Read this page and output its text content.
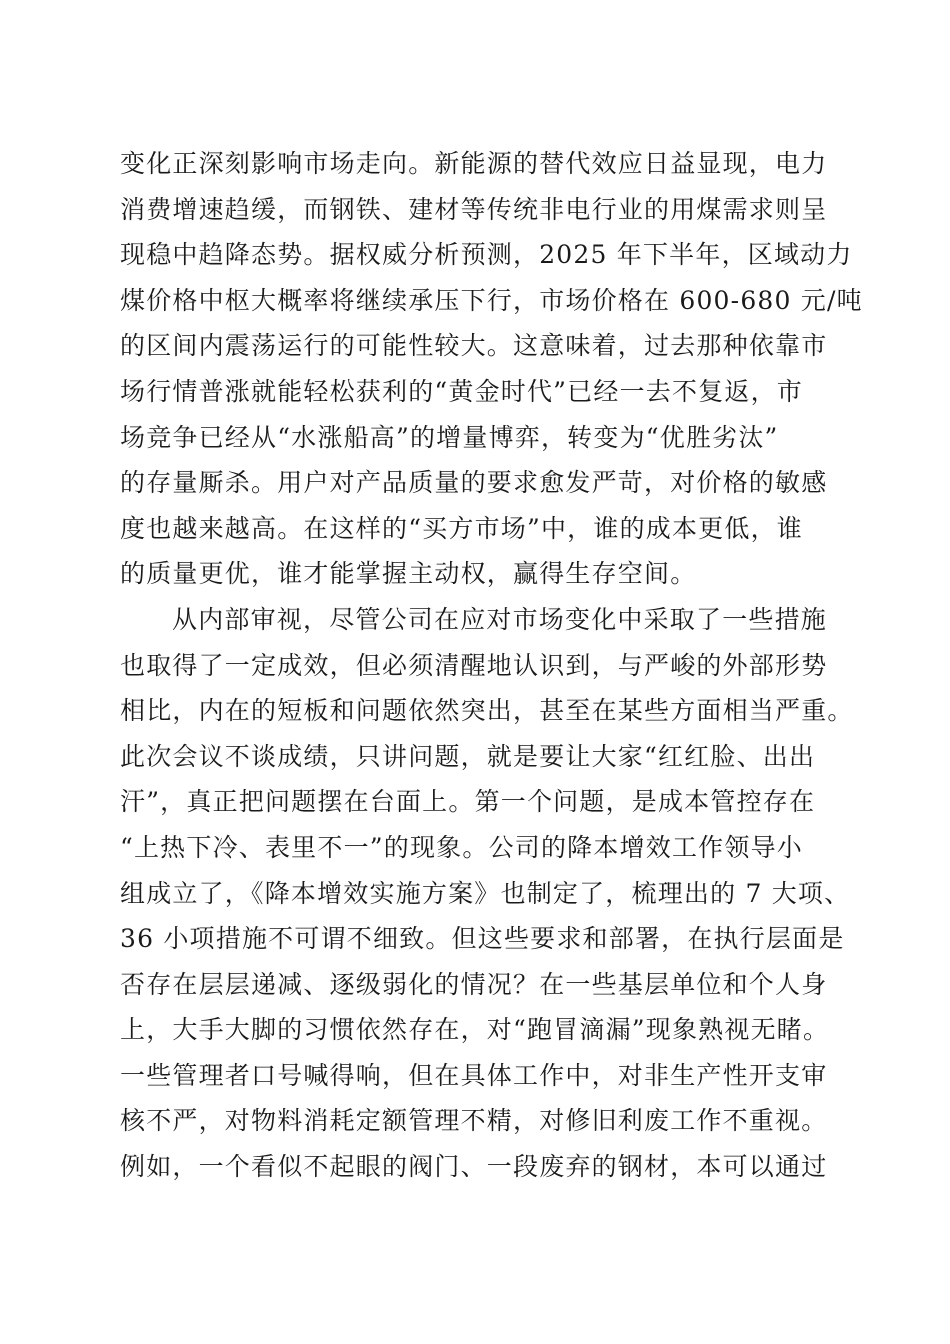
变化正深刻影响市场走向。新能源的替代效应日益显现，电力
消费增速趋缓，而钢铁、建材等传统非电行业的用煤需求则呈
现稳中趋降态势。据权威分析预测，2025 年下半年，区域动力
煤价格中枢大概率将继续承压下行，市场价格在 600-680 元/吨
的区间内震荡运行的可能性较大。这意味着，过去那种依靠市
场行情普涨就能轻松获利的“黄金时代”已经一去不复返，市
场竞争已经从“水涨船高”的增量博弈，转变为“优胜劣汰”
的存量厮杀。用户对产品质量的要求愈发严苛，对价格的敏感
度也越来越高。在这样的“买方市场”中，谁的成本更低，谁
的质量更优，谁才能掌握主动权，赢得生存空间。
从内部审视，尽管公司在应对市场变化中采取了一些措施
也取得了一定成效，但必须清醒地认识到，与严峻的外部形势
相比，内在的短板和问题依然突出，甚至在某些方面相当严重。
此次会议不谈成绩，只讲问题，就是要让大家“红红脸、出出
汗”，真正把问题摆在台面上。第一个问题，是成本管控存在
“上热下冷、表里不一”的现象。公司的降本增效工作领导小
组成立了，《降本增效实施方案》也制定了，梳理出的 7 大项、
36 小项措施不可谓不细致。但这些要求和部署，在执行层面是
否存在层层递减、逐级弱化的情况？在一些基层单位和个人身
上，大手大脚的习惯依然存在，对“跑冒滴漏”现象熟视无睹。
一些管理者口号喊得响，但在具体工作中，对非生产性开支审
核不严，对物料消耗定额管理不精，对修旧利废工作不重视。
例如，一个看似不起眼的阀门、一段废弃的钢材，本可以通过
